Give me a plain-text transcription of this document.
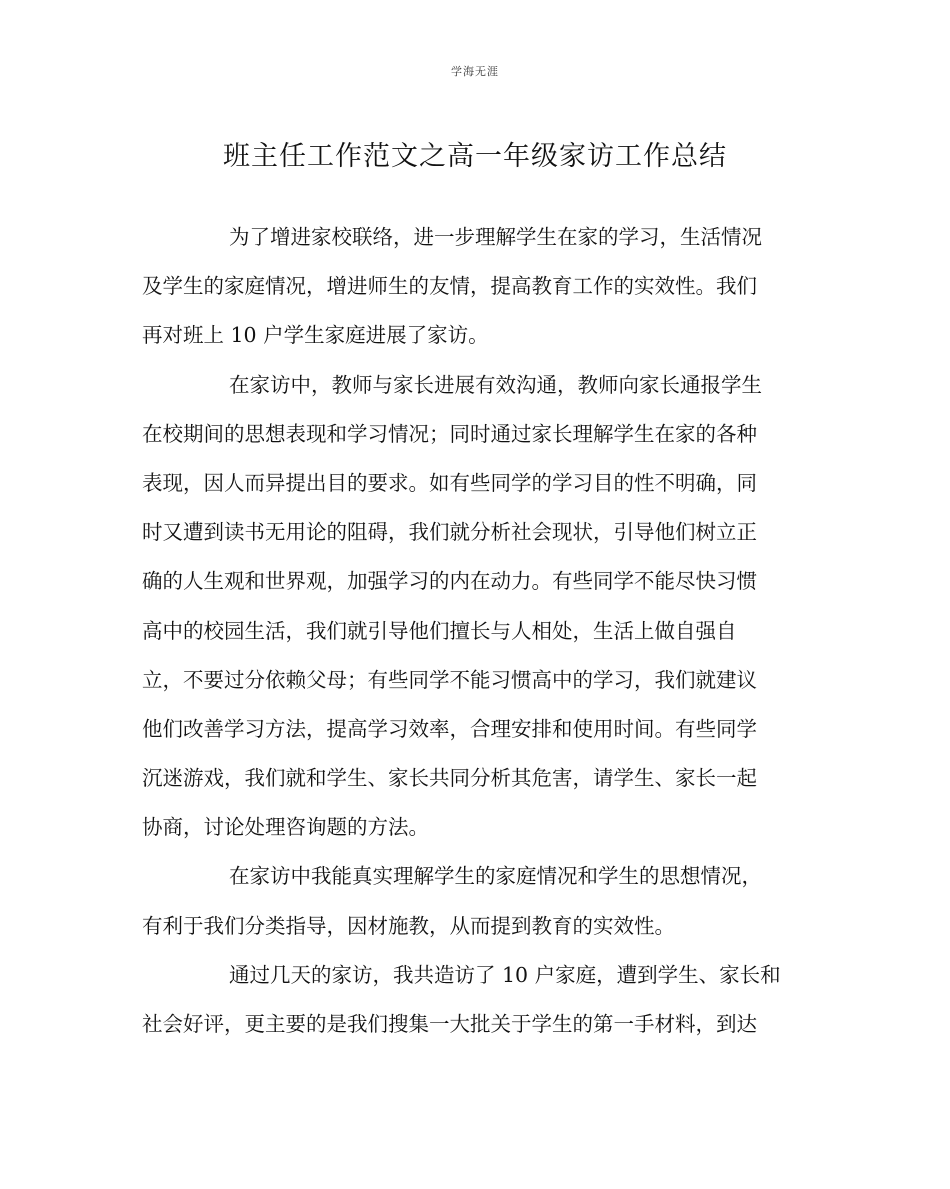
学海无涯
班主任工作范文之高一年级家访工作总结
为了增进家校联络，进一步理解学生在家的学习，生活情况
及学生的家庭情况，增进师生的友情，提高教育工作的实效性。我们
再对班上 10 户学生家庭进展了家访。
在家访中，教师与家长进展有效沟通，教师向家长通报学生
在校期间的思想表现和学习情况；同时通过家长理解学生在家的各种
表现，因人而异提出目的要求。如有些同学的学习目的性不明确，同
时又遭到读书无用论的阻碍，我们就分析社会现状，引导他们树立正
确的人生观和世界观，加强学习的内在动力。有些同学不能尽快习惯
高中的校园生活，我们就引导他们擅长与人相处，生活上做自强自
立，不要过分依赖父母；有些同学不能习惯高中的学习，我们就建议
他们改善学习方法，提高学习效率，合理安排和使用时间。有些同学
沉迷游戏，我们就和学生、家长共同分析其危害，请学生、家长一起
协商，讨论处理咨询题的方法。
在家访中我能真实理解学生的家庭情况和学生的思想情况，
有利于我们分类指导，因材施教，从而提到教育的实效性。
通过几天的家访，我共造访了 10 户家庭，遭到学生、家长和
社会好评，更主要的是我们搜集一大批关于学生的第一手材料，到达
